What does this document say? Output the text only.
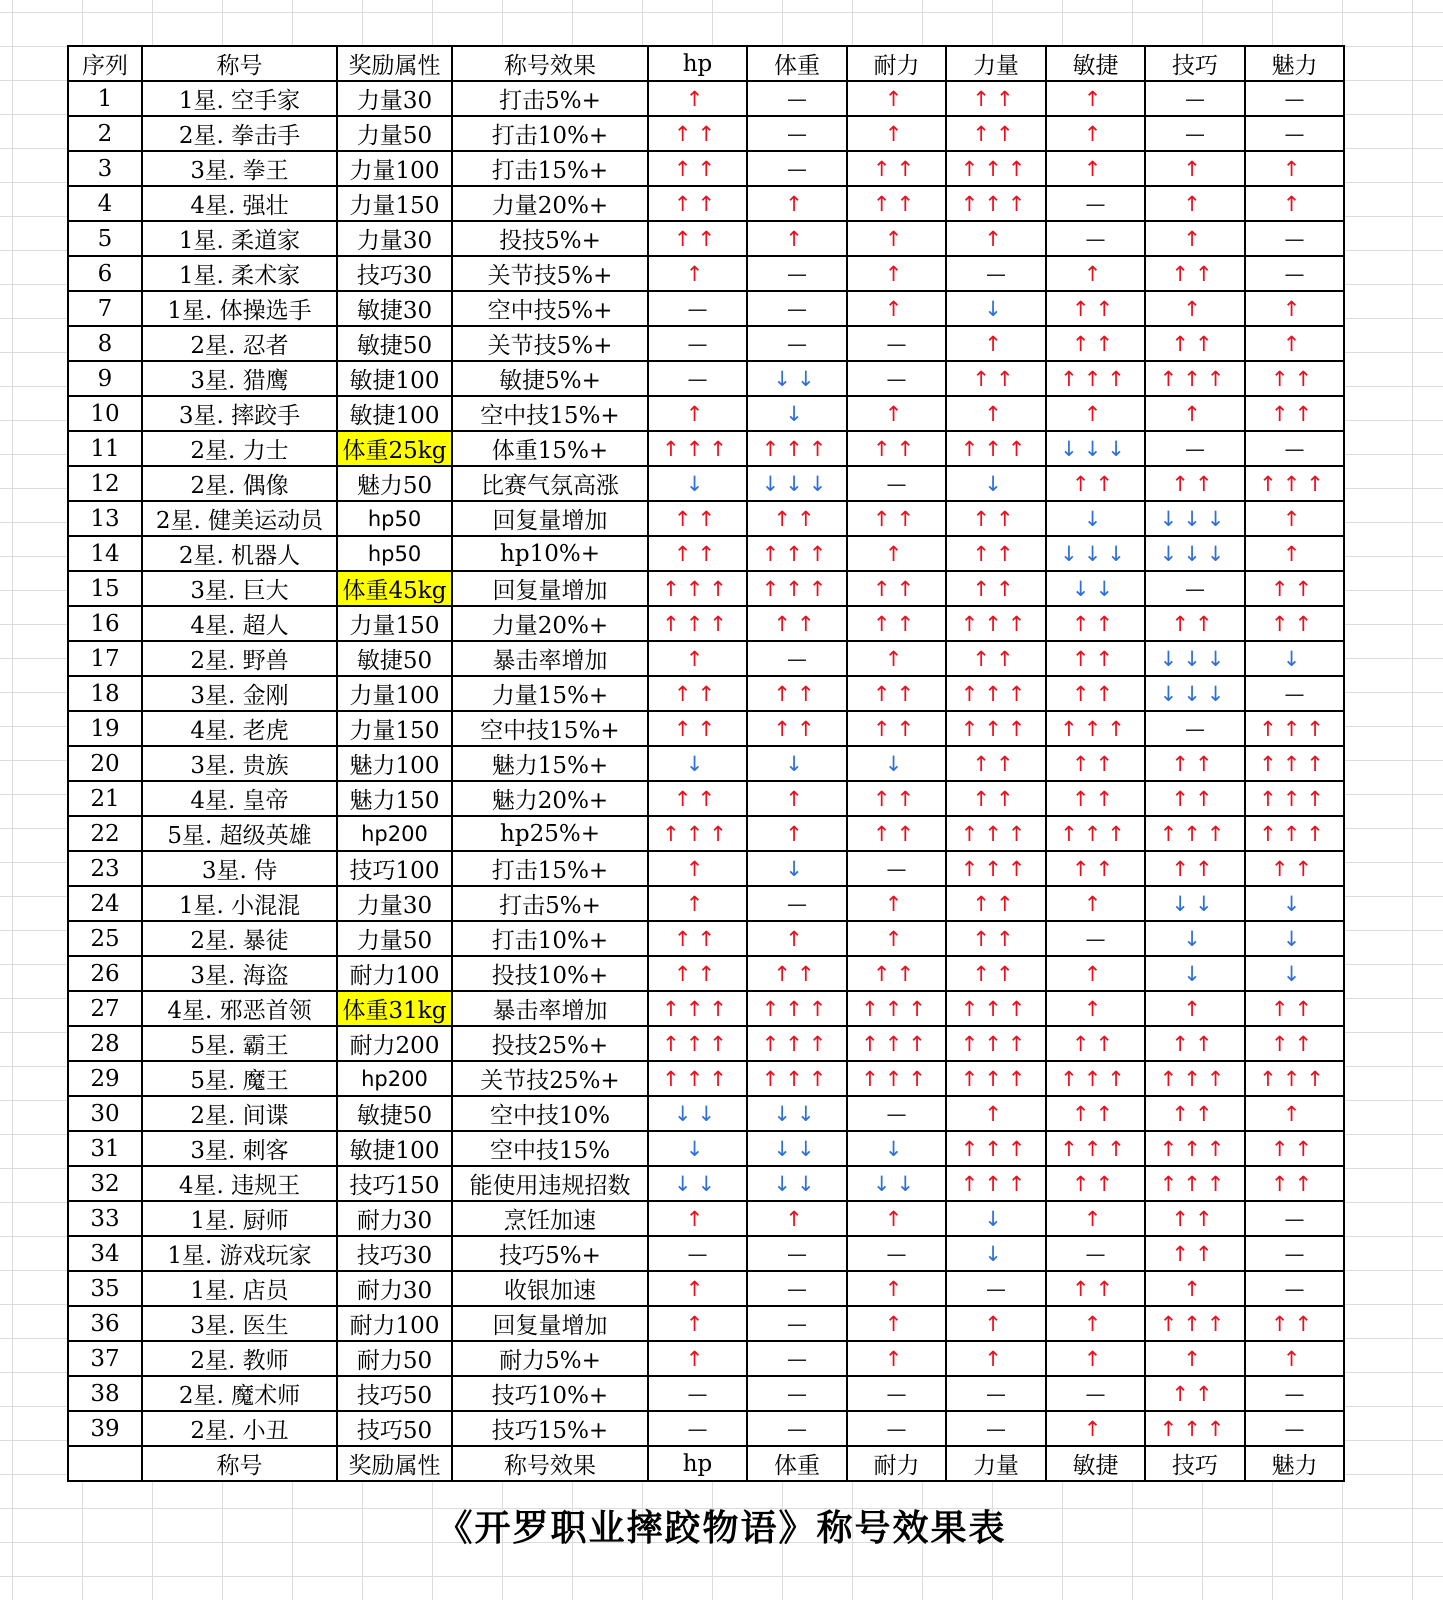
序列	称号	奖励属性	称号效果	hp	体重	耐力	力量	敏捷	技巧	魅力
1	1星. 空手家	力量30	打击5%+	↑	—	↑	↑↑	↑	—	—
2	2星. 拳击手	力量50	打击10%+	↑↑	—	↑	↑↑	↑	—	—
3	3星. 拳王	力量100	打击15%+	↑↑	—	↑↑	↑↑↑	↑	↑	↑
4	4星. 强壮	力量150	力量20%+	↑↑	↑	↑↑	↑↑↑	—	↑	↑
5	1星. 柔道家	力量30	投技5%+	↑↑	↑	↑	↑	—	↑	—
6	1星. 柔术家	技巧30	关节技5%+	↑	—	↑	—	↑	↑↑	—
7	1星. 体操选手	敏捷30	空中技5%+	—	—	↑	↓	↑↑	↑	↑
8	2星. 忍者	敏捷50	关节技5%+	—	—	—	↑	↑↑	↑↑	↑
9	3星. 猎鹰	敏捷100	敏捷5%+	—	↓↓	—	↑↑	↑↑↑	↑↑↑	↑↑
10	3星. 摔跤手	敏捷100	空中技15%+	↑	↓	↑	↑	↑	↑	↑↑
11	2星. 力士	体重25kg	体重15%+	↑↑↑	↑↑↑	↑↑	↑↑↑	↓↓↓	—	—
12	2星. 偶像	魅力50	比赛气氛高涨	↓	↓↓↓	—	↓	↑↑	↑↑	↑↑↑
13	2星. 健美运动员	hp50	回复量增加	↑↑	↑↑	↑↑	↑↑	↓	↓↓↓	↑
14	2星. 机器人	hp50	hp10%+	↑↑	↑↑↑	↑	↑↑	↓↓↓	↓↓↓	↑
15	3星. 巨大	体重45kg	回复量增加	↑↑↑	↑↑↑	↑↑	↑↑	↓↓	—	↑↑
16	4星. 超人	力量150	力量20%+	↑↑↑	↑↑	↑↑	↑↑↑	↑↑	↑↑	↑↑
17	2星. 野兽	敏捷50	暴击率增加	↑	—	↑	↑↑	↑↑	↓↓↓	↓
18	3星. 金刚	力量100	力量15%+	↑↑	↑↑	↑↑	↑↑↑	↑↑	↓↓↓	—
19	4星. 老虎	力量150	空中技15%+	↑↑	↑↑	↑↑	↑↑↑	↑↑↑	—	↑↑↑
20	3星. 贵族	魅力100	魅力15%+	↓	↓	↓	↑↑	↑↑	↑↑	↑↑↑
21	4星. 皇帝	魅力150	魅力20%+	↑↑	↑	↑↑	↑↑	↑↑	↑↑	↑↑↑
22	5星. 超级英雄	hp200	hp25%+	↑↑↑	↑	↑↑	↑↑↑	↑↑↑	↑↑↑	↑↑↑
23	3星. 侍	技巧100	打击15%+	↑	↓	—	↑↑↑	↑↑	↑↑	↑↑
24	1星. 小混混	力量30	打击5%+	↑	—	↑	↑↑	↑	↓↓	↓
25	2星. 暴徒	力量50	打击10%+	↑↑	↑	↑	↑↑	—	↓	↓
26	3星. 海盗	耐力100	投技10%+	↑↑	↑↑	↑↑	↑↑	↑	↓	↓
27	4星. 邪恶首领	体重31kg	暴击率增加	↑↑↑	↑↑↑	↑↑↑	↑↑↑	↑	↑	↑↑
28	5星. 霸王	耐力200	投技25%+	↑↑↑	↑↑↑	↑↑↑	↑↑↑	↑↑	↑↑	↑↑
29	5星. 魔王	hp200	关节技25%+	↑↑↑	↑↑↑	↑↑↑	↑↑↑	↑↑↑	↑↑↑	↑↑↑
30	2星. 间谍	敏捷50	空中技10%	↓↓	↓↓	—	↑	↑↑	↑↑	↑
31	3星. 刺客	敏捷100	空中技15%	↓	↓↓	↓	↑↑↑	↑↑↑	↑↑↑	↑↑
32	4星. 违规王	技巧150	能使用违规招数	↓↓	↓↓	↓↓	↑↑↑	↑↑	↑↑↑	↑↑
33	1星. 厨师	耐力30	烹饪加速	↑	↑	↑	↓	↑	↑↑	—
34	1星. 游戏玩家	技巧30	技巧5%+	—	—	—	↓	—	↑↑	—
35	1星. 店员	耐力30	收银加速	↑	—	↑	—	↑↑	↑	—
36	3星. 医生	耐力100	回复量增加	↑	—	↑	↑	↑	↑↑↑	↑↑
37	2星. 教师	耐力50	耐力5%+	↑	—	↑	↑	↑	↑	↑
38	2星. 魔术师	技巧50	技巧10%+	—	—	—	—	—	↑↑	—
39	2星. 小丑	技巧50	技巧15%+	—	—	—	—	↑	↑↑↑	—
	称号	奖励属性	称号效果	hp	体重	耐力	力量	敏捷	技巧	魅力
《开罗职业摔跤物语》称号效果表
